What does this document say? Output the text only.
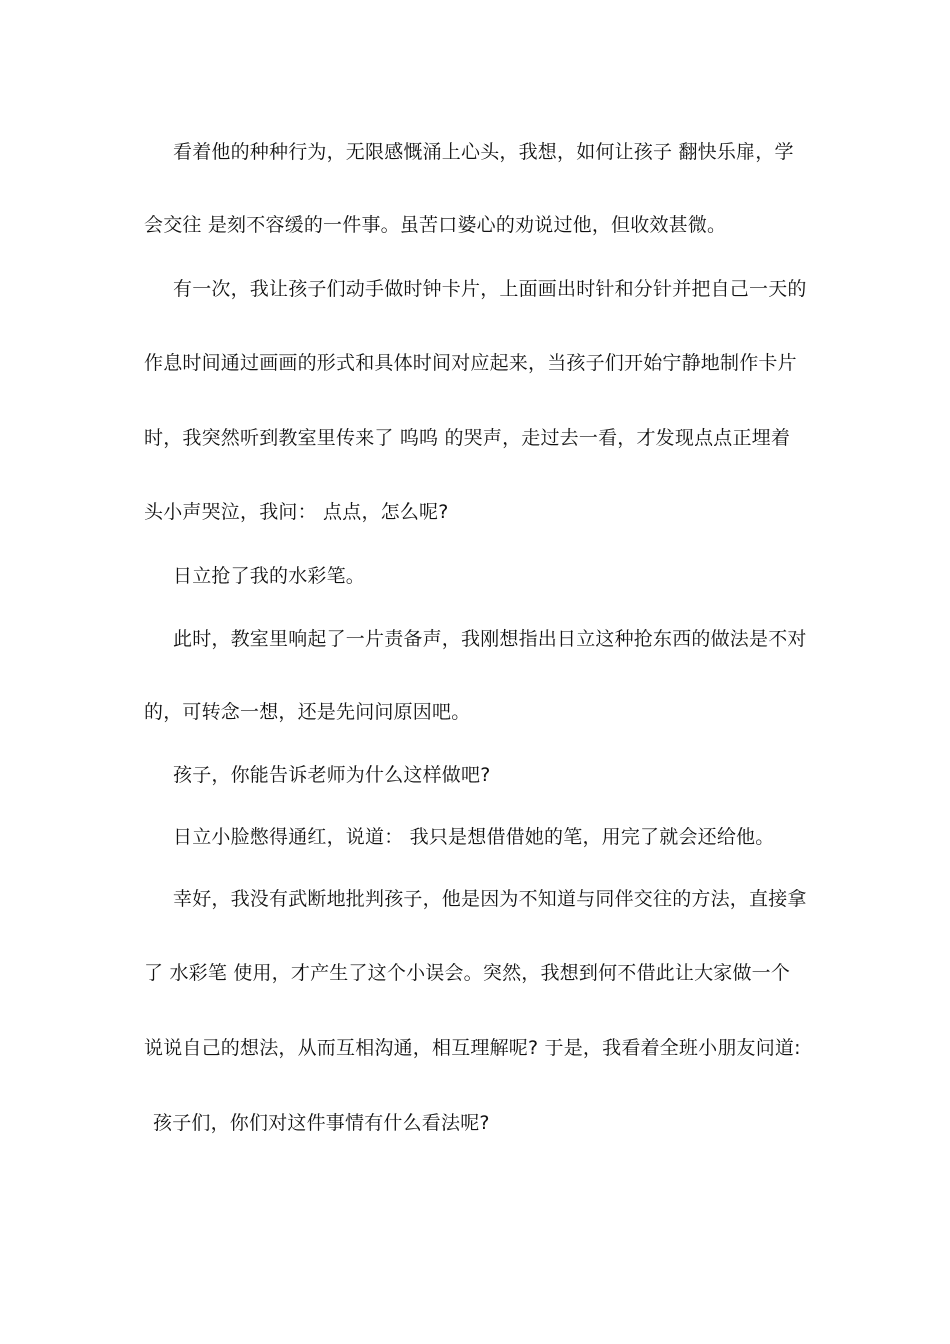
看着他的种种行为，无限感慨涌上心头，我想，如何让孩子 翻快乐扉，学
会交往 是刻不容缓的一件事。虽苦口婆心的劝说过他，但收效甚微。
有一次，我让孩子们动手做时钟卡片，上面画出时针和分针并把自己一天的
作息时间通过画画的形式和具体时间对应起来，当孩子们开始宁静地制作卡片
时，我突然听到教室里传来了 呜呜 的哭声，走过去一看，才发现点点正埋着
头小声哭泣，我问： 点点，怎么呢?
日立抢了我的水彩笔。
此时，教室里响起了一片责备声，我刚想指出日立这种抢东西的做法是不对
的，可转念一想，还是先问问原因吧。
孩子，你能告诉老师为什么这样做吧?
日立小脸憋得通红，说道： 我只是想借借她的笔，用完了就会还给他。
幸好，我没有武断地批判孩子，他是因为不知道与同伴交往的方法，直接拿
了 水彩笔 使用，才产生了这个小误会。突然，我想到何不借此让大家做一个
说说自己的想法，从而互相沟通，相互理解呢? 于是，我看着全班小朋友问道:
孩子们，你们对这件事情有什么看法呢?
